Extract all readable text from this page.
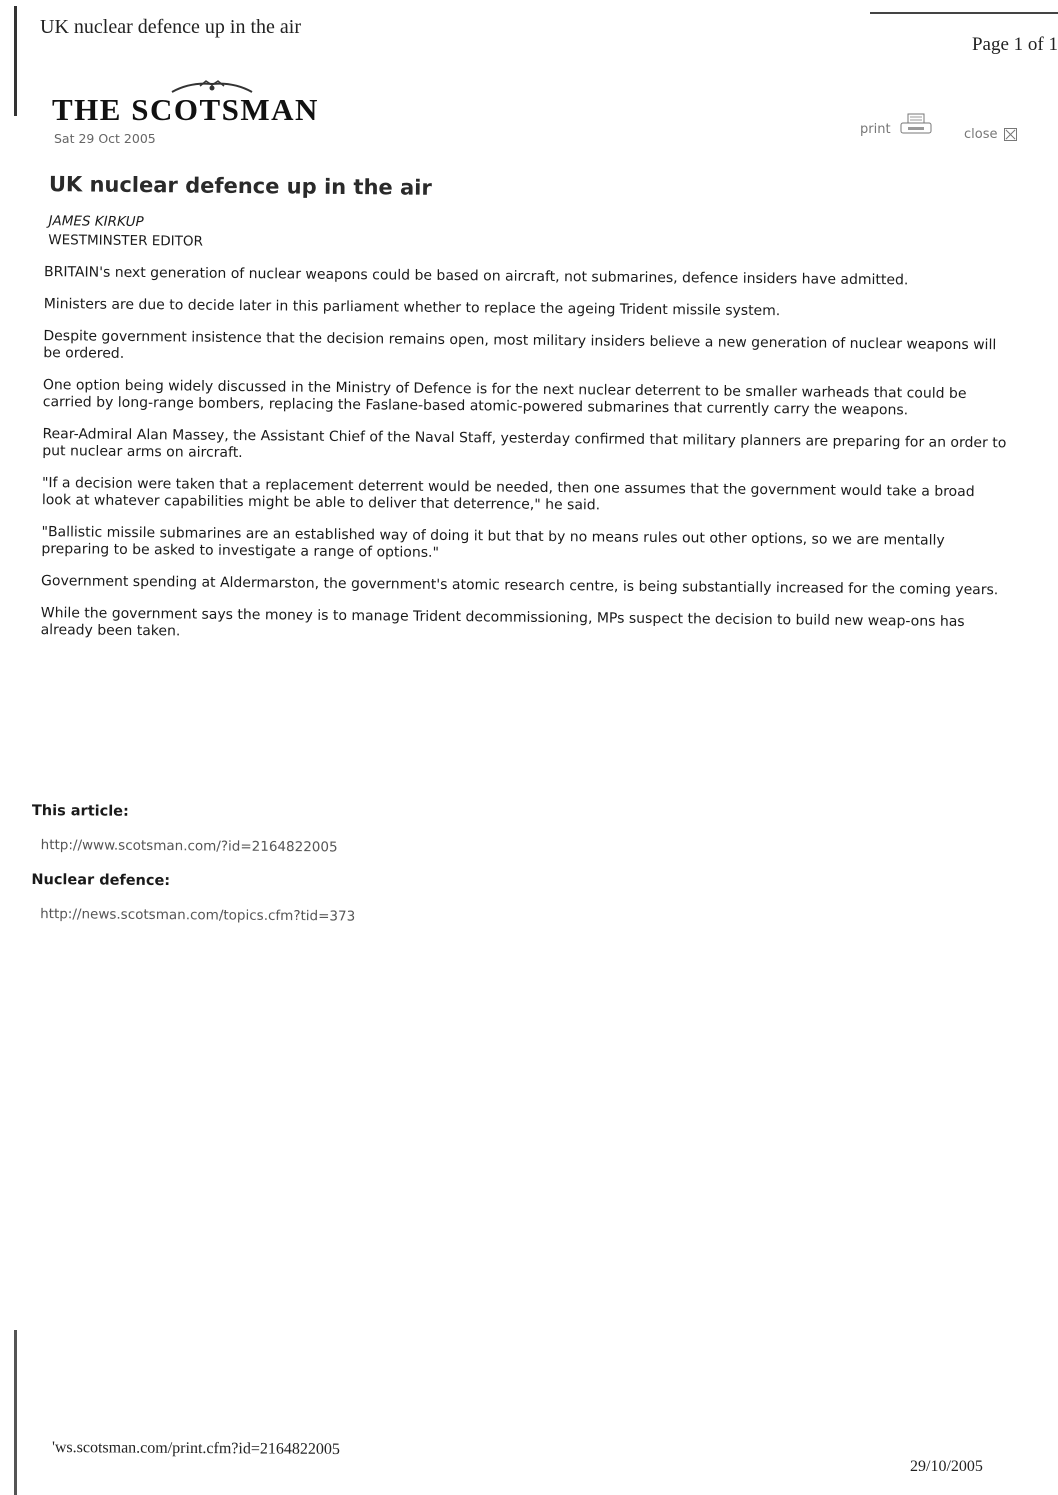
UK nuclear defence up in the air
Page 1 of 1
THE SCOTSMAN
Sat 29 Oct 2005
print	close
UK nuclear defence up in the air
JAMES KIRKUP
WESTMINSTER EDITOR

BRITAIN's next generation of nuclear weapons could be based on aircraft, not submarines, defence insiders have admitted.

Ministers are due to decide later in this parliament whether to replace the ageing Trident missile system.

Despite government insistence that the decision remains open, most military insiders believe a new generation of nuclear weapons will be ordered.

One option being widely discussed in the Ministry of Defence is for the next nuclear deterrent to be smaller warheads that could be carried by long-range bombers, replacing the Faslane-based atomic-powered submarines that currently carry the weapons.

Rear-Admiral Alan Massey, the Assistant Chief of the Naval Staff, yesterday confirmed that military planners are preparing for an order to put nuclear arms on aircraft.

"If a decision were taken that a replacement deterrent would be needed, then one assumes that the government would take a broad look at whatever capabilities might be able to deliver that deterrence," he said.

"Ballistic missile submarines are an established way of doing it but that by no means rules out other options, so we are mentally preparing to be asked to investigate a range of options."

Government spending at Aldermarston, the government's atomic research centre, is being substantially increased for the coming years.

While the government says the money is to manage Trident decommissioning, MPs suspect the decision to build new weap-ons has already been taken.

This article:
http://www.scotsman.com/?id=2164822005
Nuclear defence:
http://news.scotsman.com/topics.cfm?tid=373
'ws.scotsman.com/print.cfm?id=2164822005
29/10/2005
